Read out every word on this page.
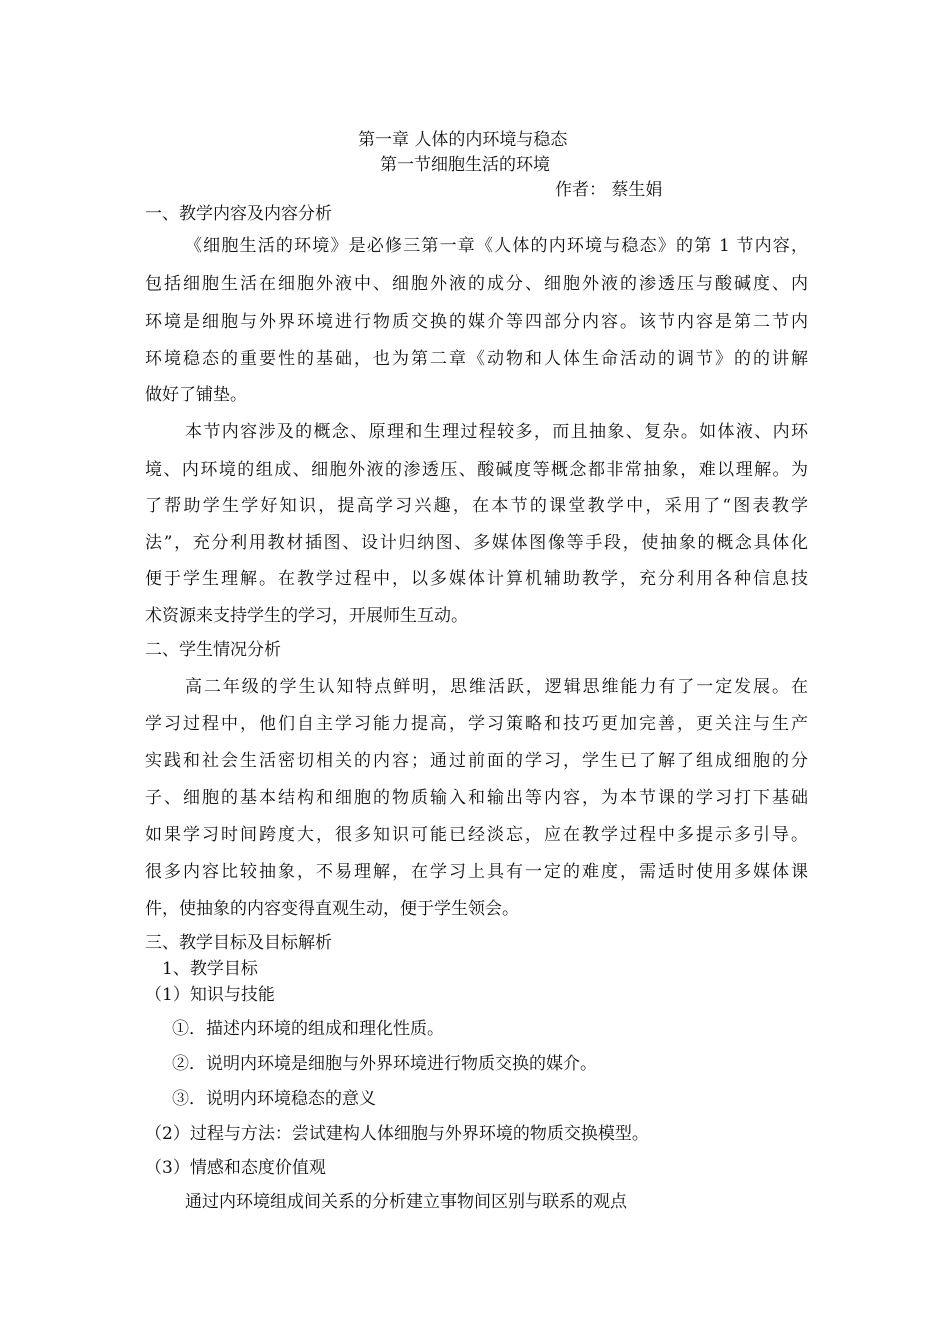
第一章 人体的内环境与稳态
第一节细胞生活的环境
作者： 蔡生娟
一、教学内容及内容分析
《细胞生活的环境》是必修三第一章《人体的内环境与稳态》的第 1 节内容，
包括细胞生活在细胞外液中、细胞外液的成分、细胞外液的渗透压与酸碱度、内
环境是细胞与外界环境进行物质交换的媒介等四部分内容。该节内容是第二节内
环境稳态的重要性的基础，也为第二章《动物和人体生命活动的调节》的的讲解
做好了铺垫。
本节内容涉及的概念、原理和生理过程较多，而且抽象、复杂。如体液、内环
境、内环境的组成、细胞外液的渗透压、酸碱度等概念都非常抽象，难以理解。为
了帮助学生学好知识，提高学习兴趣，在本节的课堂教学中，采用了“图表教学
法”，充分利用教材插图、设计归纳图、多媒体图像等手段，使抽象的概念具体化
便于学生理解。在教学过程中，以多媒体计算机辅助教学，充分利用各种信息技
术资源来支持学生的学习，开展师生互动。
二、学生情况分析
高二年级的学生认知特点鲜明，思维活跃，逻辑思维能力有了一定发展。在
学习过程中，他们自主学习能力提高，学习策略和技巧更加完善，更关注与生产
实践和社会生活密切相关的内容；通过前面的学习，学生已了解了组成细胞的分
子、细胞的基本结构和细胞的物质输入和输出等内容，为本节课的学习打下基础
如果学习时间跨度大，很多知识可能已经淡忘，应在教学过程中多提示多引导。
很多内容比较抽象，不易理解，在学习上具有一定的难度，需适时使用多媒体课
件，使抽象的内容变得直观生动，便于学生领会。
三、教学目标及目标解析
1、教学目标
（1）知识与技能
①．描述内环境的组成和理化性质。
②．说明内环境是细胞与外界环境进行物质交换的媒介。
③．说明内环境稳态的意义
（2）过程与方法：尝试建构人体细胞与外界环境的物质交换模型。
（3）情感和态度价值观
通过内环境组成间关系的分析建立事物间区别与联系的观点
